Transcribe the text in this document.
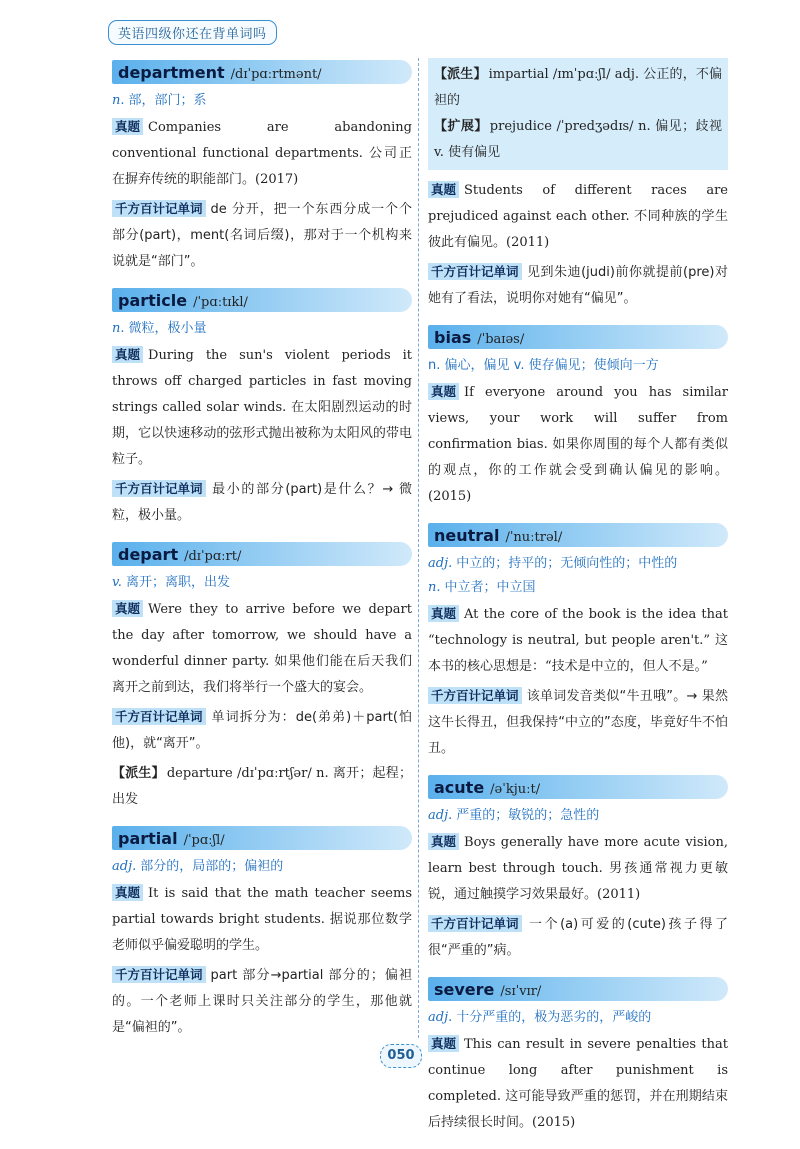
英语四级你还在背单词吗
department /dɪˈpɑːrtmənt/
n. 部，部门；系
真题 Companies are abandoning conventional functional departments. 公司正在摒弃传统的职能部门。(2017)
千方百计记单词 de 分开，把一个东西分成一个个部分(part)，ment(名词后缀)，那对于一个机构来说就是“部门”。
particle /ˈpɑːtɪkl/
n. 微粒，极小量
真题 During the sun's violent periods it throws off charged particles in fast moving strings called solar winds. 在太阳剧烈运动的时期，它以快速移动的弦形式抛出被称为太阳风的带电粒子。
千方百计记单词 最小的部分(part)是什么？→ 微粒，极小量。
depart /dɪˈpɑːrt/
v. 离开；离职，出发
真题 Were they to arrive before we depart the day after tomorrow, we should have a wonderful dinner party. 如果他们能在后天我们离开之前到达，我们将举行一个盛大的宴会。
千方百计记单词 单词拆分为：de(弟弟)＋part(怕他)，就“离开”。
【派生】 departure /dɪˈpɑːrtʃər/ n. 离开；起程；出发
partial /ˈpɑːʃl/
adj. 部分的，局部的；偏袒的
真题 It is said that the math teacher seems partial towards bright students. 据说那位数学老师似乎偏爱聪明的学生。
千方百计记单词 part 部分→partial 部分的；偏袒的。一个老师上课时只关注部分的学生，那他就是“偏袒的”。
【派生】 impartial /ɪmˈpɑːʃl/ adj. 公正的，不偏袒的
【扩展】 prejudice /ˈpredʒədɪs/ n. 偏见；歧视 v. 使有偏见
真题 Students of different races are prejudiced against each other. 不同种族的学生彼此有偏见。(2011)
千方百计记单词 见到朱迪(judi)前你就提前(pre)对她有了看法，说明你对她有“偏见”。
bias /ˈbaɪəs/
n. 偏心，偏见 v. 使存偏见；使倾向一方
真题 If everyone around you has similar views, your work will suffer from confirmation bias. 如果你周围的每个人都有类似的观点，你的工作就会受到确认偏见的影响。(2015)
neutral /ˈnuːtrəl/
adj. 中立的；持平的；无倾向性的；中性的
n. 中立者；中立国
真题 At the core of the book is the idea that “technology is neutral, but people aren't.” 这本书的核心思想是：“技术是中立的，但人不是。”
千方百计记单词 该单词发音类似“牛丑哦”。→ 果然这牛长得丑，但我保持“中立的”态度，毕竟好牛不怕丑。
acute /əˈkjuːt/
adj. 严重的；敏锐的；急性的
真题 Boys generally have more acute vision, learn best through touch. 男孩通常视力更敏锐，通过触摸学习效果最好。(2011)
千方百计记单词 一个(a)可爱的(cute)孩子得了很“严重的”病。
severe /sɪˈvɪr/
adj. 十分严重的，极为恶劣的，严峻的
真题 This can result in severe penalties that continue long after punishment is completed. 这可能导致严重的惩罚，并在刑期结束后持续很长时间。(2015)
050
